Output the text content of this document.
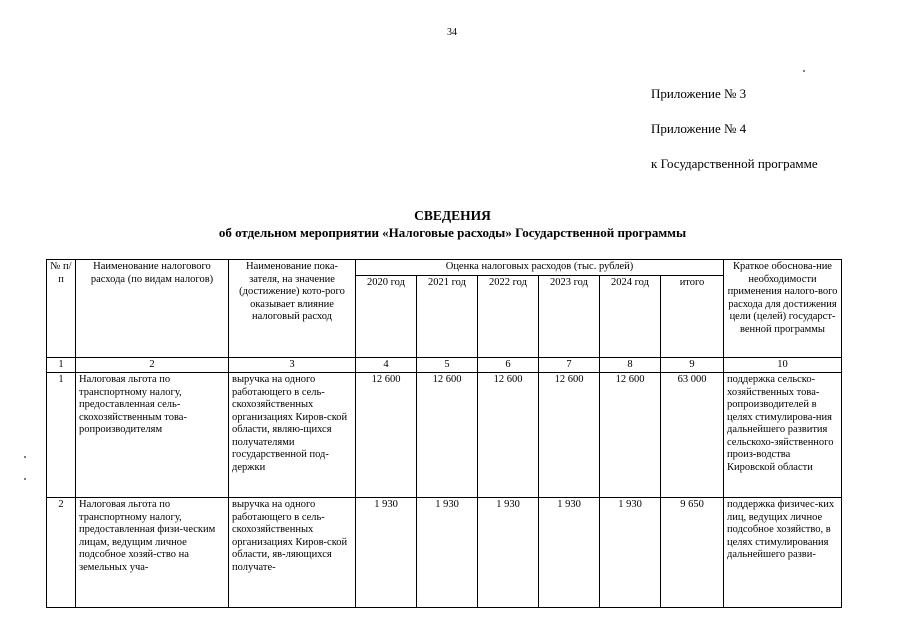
34
Приложение № 3
Приложение № 4
к Государственной программе
СВЕДЕНИЯ
об отдельном мероприятии «Налоговые расходы» Государственной программы
№ п/п	Наименование налогового расхода (по видам налогов)	Наименование пока-зателя, на значение (достижение) кото-рого оказывает влияние налоговый расход	Оценка налоговых расходов (тыс. рублей)						Краткое обоснова-ние необходимости применения налого-вого расхода для достижения цели (целей) государст-венной программы
			2020 год	2021 год	2022 год	2023 год	2024 год	итого	
1	2	3	4	5	6	7	8	9	10
1	Налоговая льгота по транспортному налогу, предоставленная сель-скохозяйственным това-ропроизводителям	выручка на одного работающего в сель-скохозяйственных организациях Киров-ской области, являю-щихся получателями государственной под-держки	12 600	12 600	12 600	12 600	12 600	63 000	поддержка сельско-хозяйственных това-ропроизводителей в целях стимулирова-ния дальнейшего развития сельскохо-зяйственного произ-водства Кировской области
2	Налоговая льгота по транспортному налогу, предоставленная физи-ческим лицам, ведущим личное подсобное хозяй-ство на земельных уча-	выручка на одного работающего в сель-скохозяйственных организациях Киров-ской области, яв-ляющихся получате-	1 930	1 930	1 930	1 930	1 930	9 650	поддержка физичес-ких лиц, ведущих личное подсобное хозяйство, в целях стимулирования дальнейшего разви-
